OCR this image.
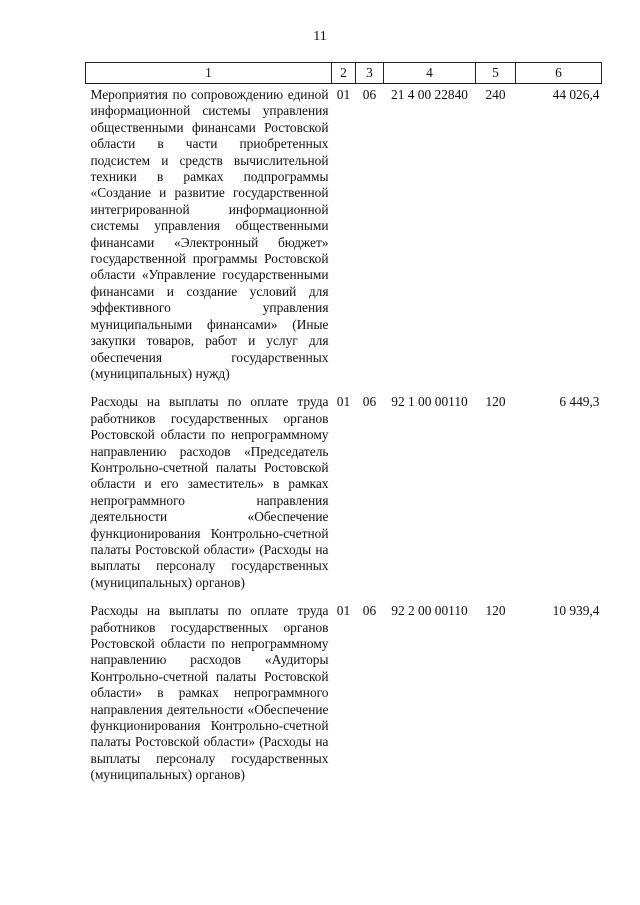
11
1	2	3	4	5	6
Мероприятия по сопровождению единой информационной системы управления общественными финансами Ростовской области в части приобретенных подсистем и средств вычислительной техники в рамках подпрограммы «Создание и развитие государственной интегрированной информационной системы управления общественными финансами «Электронный бюджет» государственной программы Ростовской области «Управление государственными финансами и создание условий для эффективного управления муниципальными финансами» (Иные закупки товаров, работ и услуг для обеспечения государственных (муниципальных) нужд)	01	06	21 4 00 22840	240	44 026,4
Расходы на выплаты по оплате труда работников государственных органов Ростовской области по непрограммному направлению расходов «Председатель Контрольно-счетной палаты Ростовской области и его заместитель» в рамках непрограммного направления деятельности «Обеспечение функционирования Контрольно-счетной палаты Ростовской области» (Расходы на выплаты персоналу государственных (муниципальных) органов)	01	06	92 1 00 00110	120	6 449,3
Расходы на выплаты по оплате труда работников государственных органов Ростовской области по непрограммному направлению расходов «Аудиторы Контрольно-счетной палаты Ростовской области» в рамках непрограммного направления деятельности «Обеспечение функционирования Контрольно-счетной палаты Ростовской области» (Расходы на выплаты персоналу государственных (муниципальных) органов)	01	06	92 2 00 00110	120	10 939,4
